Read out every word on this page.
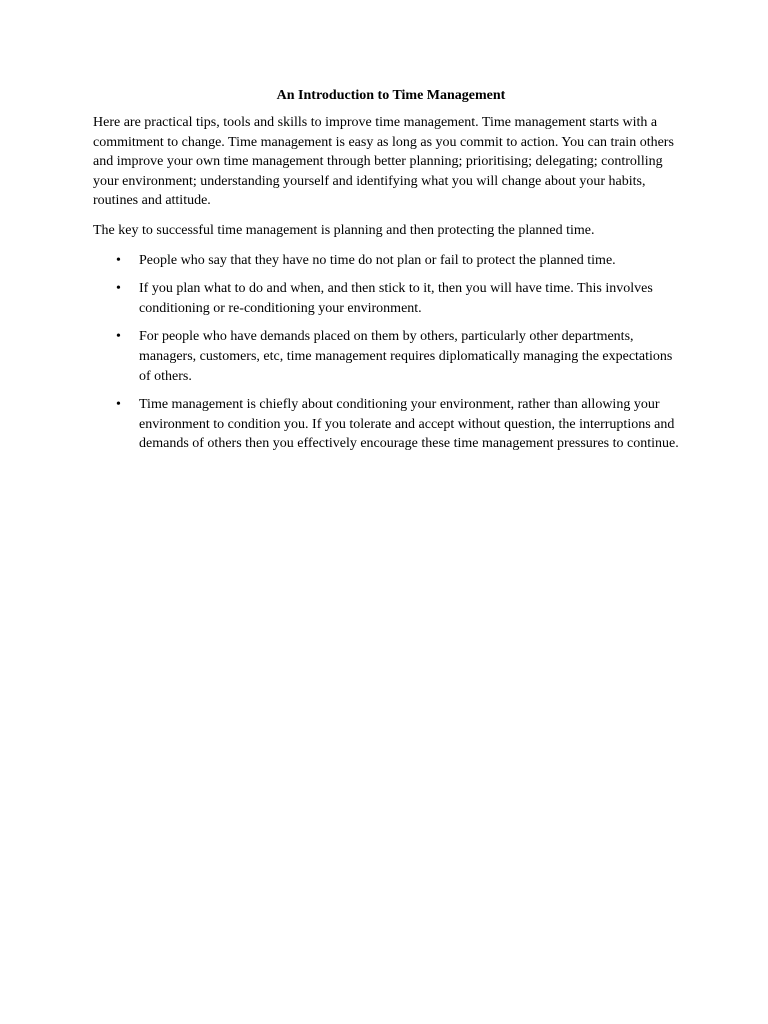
An Introduction to Time Management

Here are practical tips, tools and skills to improve time management. Time management starts with a commitment to change. Time management is easy as long as you commit to action. You can train others and improve your own time management through better planning; prioritising; delegating; controlling your environment; understanding yourself and identifying what you will change about your habits, routines and attitude.

The key to successful time management is planning and then protecting the planned time.

• People who say that they have no time do not plan or fail to protect the planned time.
• If you plan what to do and when, and then stick to it, then you will have time. This involves conditioning or re-conditioning your environment.
• For people who have demands placed on them by others, particularly other departments, managers, customers, etc, time management requires diplomatically managing the expectations of others.
• Time management is chiefly about conditioning your environment, rather than allowing your environment to condition you. If you tolerate and accept without question, the interruptions and demands of others then you effectively encourage these time management pressures to continue.
